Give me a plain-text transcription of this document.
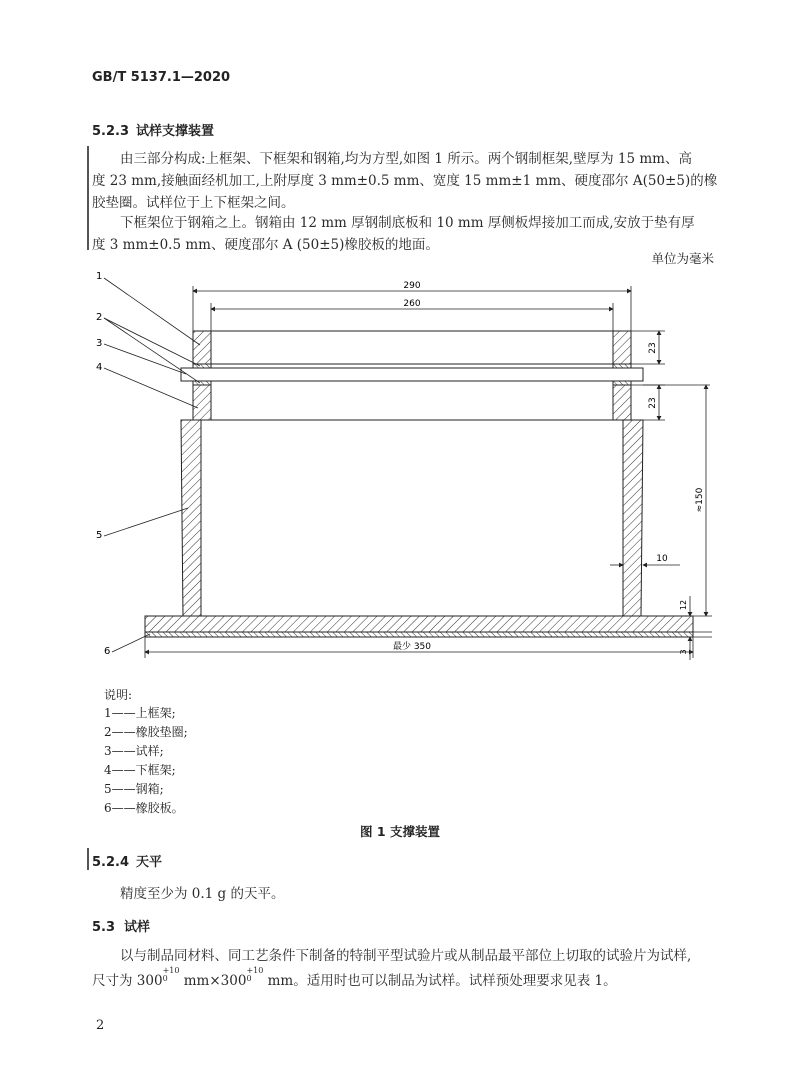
GB/T 5137.1—2020
5.2.3 试样支撑装置
由三部分构成:上框架、下框架和钢箱,均为方型,如图 1 所示。两个钢制框架,壁厚为 15 mm、高
度 23 mm,接触面经机加工,上附厚度 3 mm±0.5 mm、宽度 15 mm±1 mm、硬度邵尔 A(50±5)的橡
胶垫圈。试样位于上下框架之间。
下框架位于钢箱之上。钢箱由 12 mm 厚钢制底板和 10 mm 厚侧板焊接加工而成,安放于垫有厚
度 3 mm±0.5 mm、硬度邵尔 A (50±5)橡胶板的地面。
单位为毫米
290
260
23
23
≈150
10
12
3
最少 350
1
2
3
4
5
6
说明:
1——上框架;
2——橡胶垫圈;
3——试样;
4——下框架;
5——钢箱;
6——橡胶板。
图 1 支撑装置
5.2.4 天平
精度至少为 0.1 g 的天平。
5.3 试样
以与制品同材料、同工艺条件下制备的特制平型试验片或从制品最平部位上切取的试验片为试样,
尺寸为 300
+10
0 mm×300
+10
0 mm。适用时也可以制品为试样。试样预处理要求见表 1。
2
